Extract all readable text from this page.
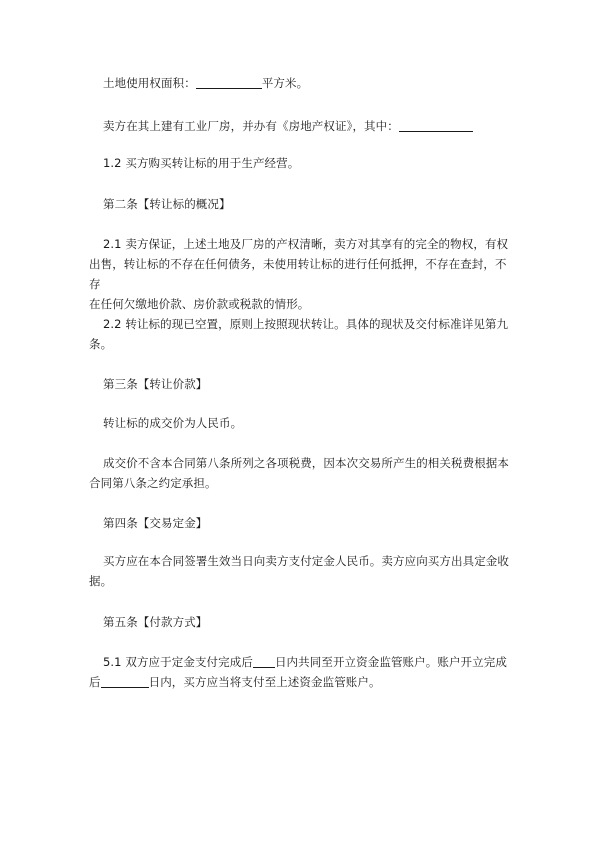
土地使用权面积：	平方米。

卖方在其上建有工业厂房，并办有《房地产权证》，其中：

1.2 买方购买转让标的用于生产经营。

第二条【转让标的概况】

2.1 卖方保证，上述土地及厂房的产权清晰，卖方对其享有的完全的物权，有权
出售，转让标的不存在任何债务，未使用转让标的进行任何抵押，不存在查封，不存
在任何欠缴地价款、房价款或税款的情形。

2.2 转让标的现已空置，原则上按照现状转让。具体的现状及交付标准详见第九
条。

第三条【转让价款】

转让标的成交价为人民币。

成交价不含本合同第八条所列之各项税费，因本次交易所产生的相关税费根据本
合同第八条之约定承担。

第四条【交易定金】

买方应在本合同签署生效当日向卖方支付定金人民币。卖方应向买方出具定金收
据。

第五条【付款方式】

5.1 双方应于定金支付完成后 日内共同至开立资金监管账户。账户开立完成
后	日内，买方应当将支付至上述资金监管账户。
